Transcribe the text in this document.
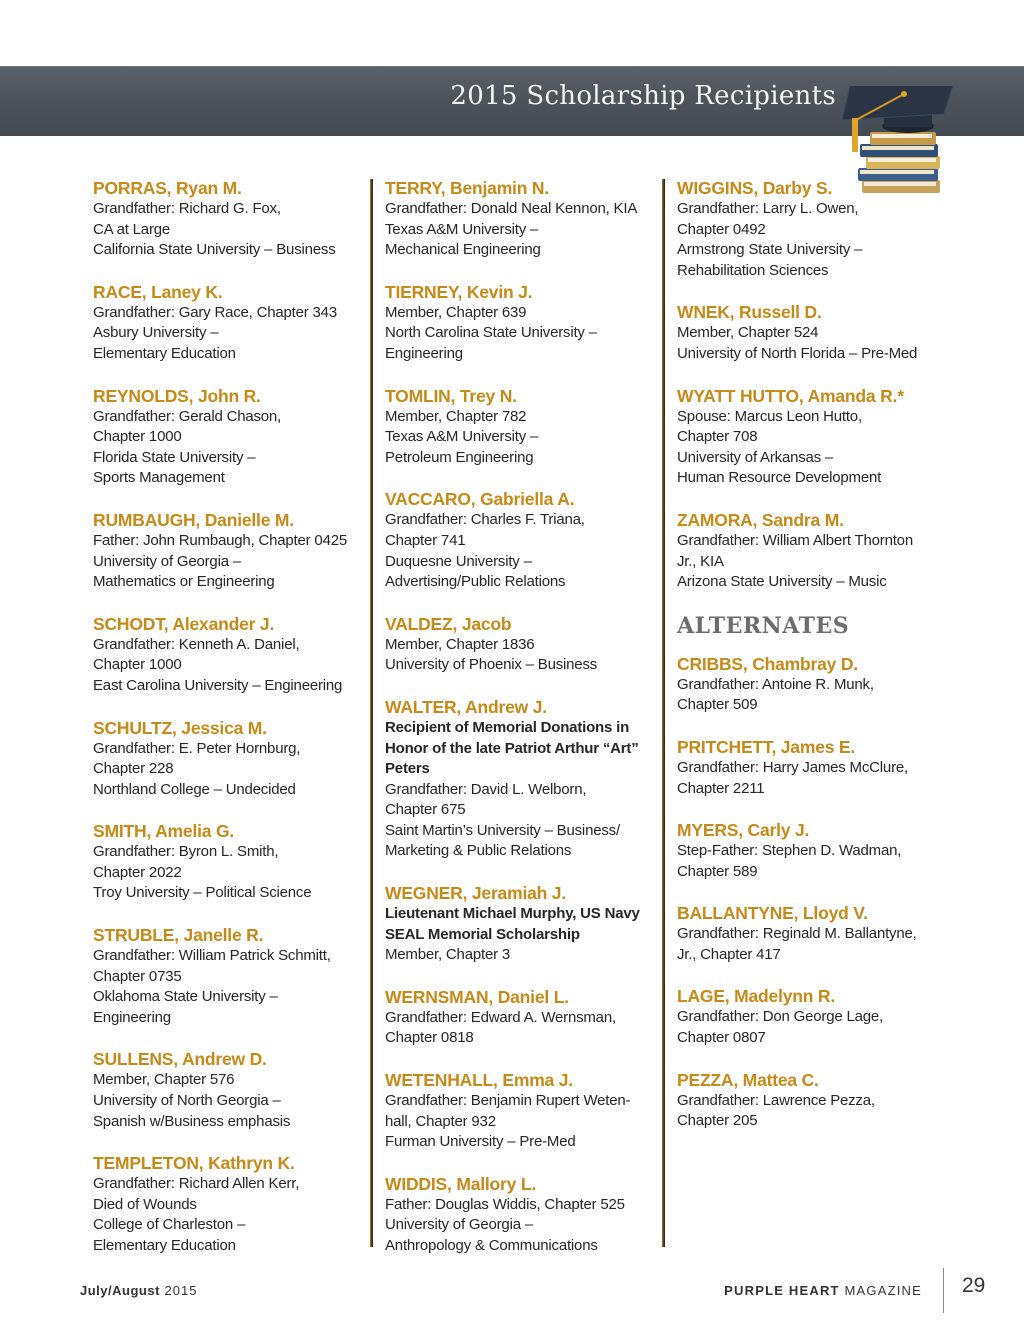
2015 Scholarship Recipients
PORRAS, Ryan M.
Grandfather: Richard G. Fox,
CA at Large
California State University – Business
RACE, Laney K.
Grandfather: Gary Race, Chapter 343
Asbury University –
Elementary Education
REYNOLDS, John R.
Grandfather: Gerald Chason,
Chapter 1000
Florida State University –
Sports Management
RUMBAUGH, Danielle M.
Father: John Rumbaugh, Chapter 0425
University of Georgia –
Mathematics or Engineering
SCHODT, Alexander J.
Grandfather: Kenneth A. Daniel,
Chapter 1000
East Carolina University – Engineering
SCHULTZ, Jessica M.
Grandfather: E. Peter Hornburg,
Chapter 228
Northland College – Undecided
SMITH, Amelia G.
Grandfather: Byron L. Smith,
Chapter 2022
Troy University – Political Science
STRUBLE, Janelle R.
Grandfather: William Patrick Schmitt,
Chapter 0735
Oklahoma State University –
Engineering
SULLENS, Andrew D.
Member, Chapter 576
University of North Georgia –
Spanish w/Business emphasis
TEMPLETON, Kathryn K.
Grandfather: Richard Allen Kerr,
Died of Wounds
College of Charleston –
Elementary Education
TERRY, Benjamin N.
Grandfather: Donald Neal Kennon, KIA
Texas A&M University –
Mechanical Engineering
TIERNEY, Kevin J.
Member, Chapter 639
North Carolina State University –
Engineering
TOMLIN, Trey N.
Member, Chapter 782
Texas A&M University –
Petroleum Engineering
VACCARO, Gabriella A.
Grandfather: Charles F. Triana,
Chapter 741
Duquesne University –
Advertising/Public Relations
VALDEZ, Jacob
Member, Chapter 1836
University of Phoenix – Business
WALTER, Andrew J.
Recipient of Memorial Donations in
Honor of the late Patriot Arthur “Art”
Peters
Grandfather: David L. Welborn,
Chapter 675
Saint Martin’s University – Business/
Marketing & Public Relations
WEGNER, Jeramiah J.
Lieutenant Michael Murphy, US Navy
SEAL Memorial Scholarship
Member, Chapter 3
WERNSMAN, Daniel L.
Grandfather: Edward A. Wernsman,
Chapter 0818
WETENHALL, Emma J.
Grandfather: Benjamin Rupert Weten-
hall, Chapter 932
Furman University – Pre-Med
WIDDIS, Mallory L.
Father: Douglas Widdis, Chapter 525
University of Georgia –
Anthropology & Communications
WIGGINS, Darby S.
Grandfather: Larry L. Owen,
Chapter 0492
Armstrong State University –
Rehabilitation Sciences
WNEK, Russell D.
Member, Chapter 524
University of North Florida – Pre-Med
WYATT HUTTO, Amanda R.*
Spouse: Marcus Leon Hutto,
Chapter 708
University of Arkansas –
Human Resource Development
ZAMORA, Sandra M.
Grandfather: William Albert Thornton
Jr., KIA
Arizona State University – Music
ALTERNATES
CRIBBS, Chambray D.
Grandfather: Antoine R. Munk,
Chapter 509
PRITCHETT, James E.
Grandfather: Harry James McClure,
Chapter 2211
MYERS, Carly J.
Step-Father: Stephen D. Wadman,
Chapter 589
BALLANTYNE, Lloyd V.
Grandfather: Reginald M. Ballantyne,
Jr., Chapter 417
LAGE, Madelynn R.
Grandfather: Don George Lage,
Chapter 0807
PEZZA, Mattea C.
Grandfather: Lawrence Pezza,
Chapter 205
July/August 2015	PURPLE HEART MAGAZINE 29
